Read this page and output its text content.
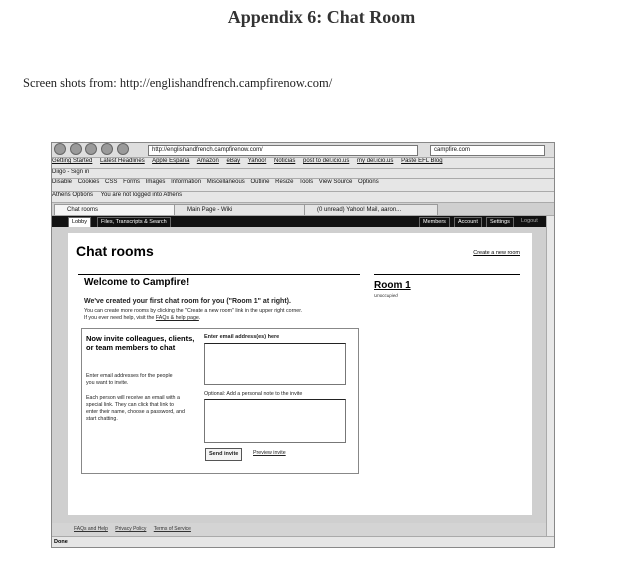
Appendix 6: Chat Room
Screen shots from: http://englishandfrench.campfirenow.com/

http://englishandfrench.campfirenow.com/	campfire.com
Getting Started Latest Headlines Apple Espana Amazon eBay Yahoo! Noticias post to del.icio.us my del.icio.us Paste EFL Blog
Diigo - Sign in
Disable Cookies CSS Forms Images Information Miscellaneous Outline Resize Tools View Source Options
Athens Options You are not logged into Athens
Chat rooms	Main Page - Wiki	(0 unread) Yahoo! Mail, aaron...
Lobby	Files, Transcripts & Search	Members	Account	Settings	Logout
Chat rooms	Create a new room
Welcome to Campfire!
We've created your first chat room for you ("Room 1" at right).
You can create more rooms by clicking the "Create a new room" link in the upper right corner.
If you ever need help, visit the FAQs & help page.
Room 1
Unoccupied
Now invite colleagues, clients, or team members to chat
Enter email addresses for the people you want to invite.
Each person will receive an email with a special link. They can click that link to enter their name, choose a password, and start chatting.
Enter email address(es) here
Optional: Add a personal note to the invite
Send invite	Preview invite
FAQs and Help Privacy Policy Terms of Service
Done
